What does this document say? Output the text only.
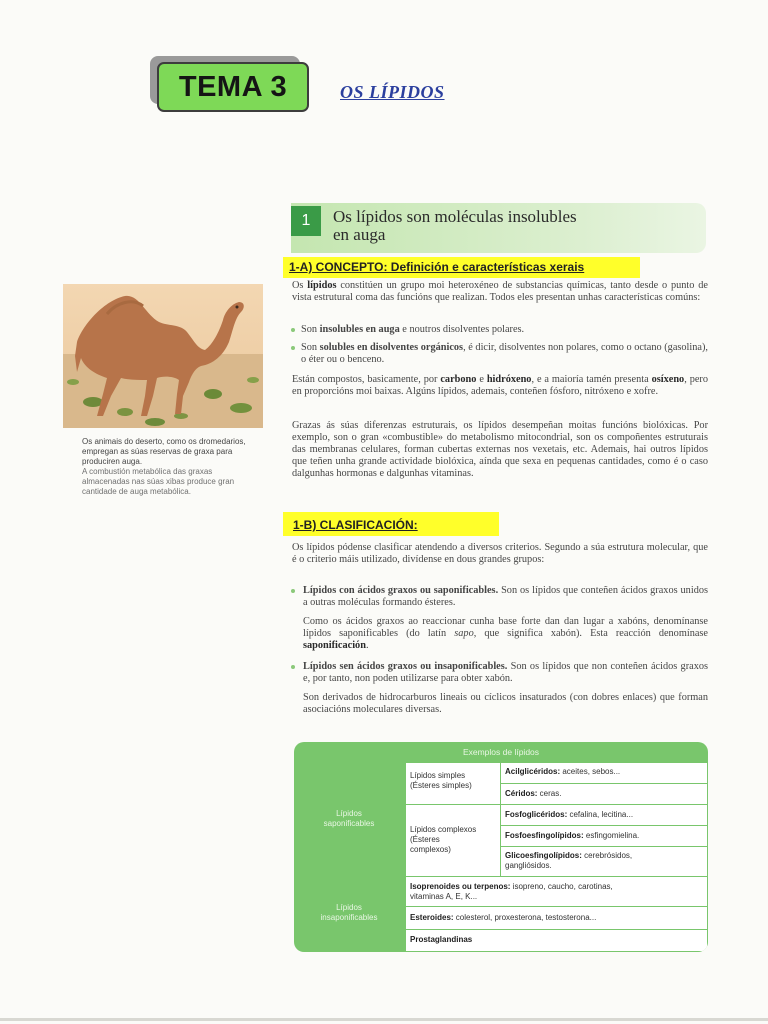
TEMA 3	OS LÍPIDOS
1	Os lípidos son moléculas insolubles
en auga
1-A) CONCEPTO: Definición e características xerais
Os lípidos constitúen un grupo moi heteroxéneo de substancias químicas, tanto desde o punto de vista estrutural coma das funcións que realizan. Todos eles presentan unhas características comúns:
Son insolubles en auga e noutros disolventes polares.
Son solubles en disolventes orgánicos, é dicir, disolventes non polares, como o octano (gasolina), o éter ou o benceno.
Están compostos, basicamente, por carbono e hidróxeno, e a maioría tamén presenta osíxeno, pero en proporcións moi baixas. Algúns lípidos, ademais, conteñen fósforo, nitróxeno e xofre.
Grazas ás súas diferenzas estruturais, os lípidos desempeñan moitas funcións biolóxicas. Por exemplo, son o gran «combustible» do metabolismo mitocondrial, son os compoñentes estruturais das membranas celulares, forman cubertas externas nos vexetais, etc. Ademais, hai outros lípidos que teñen unha grande actividade biolóxica, aínda que sexa en pequenas cantidades, como é o caso dalgunhas hormonas e dalgunhas vitaminas.
Os animais do deserto, como os dromedarios, empregan as súas reservas de graxa para produciren auga.
A combustión metabólica das graxas almacenadas nas súas xibas produce gran cantidade de auga metabólica.
1-B) CLASIFICACIÓN:
Os lípidos pódense clasificar atendendo a diversos criterios. Segundo a súa estrutura molecular, que é o criterio máis utilizado, divídense en dous grandes grupos:
Lípidos con ácidos graxos ou saponificables. Son os lípidos que conteñen ácidos graxos unidos a outras moléculas formando ésteres.
Como os ácidos graxos ao reaccionar cunha base forte dan dan lugar a xabóns, denomínanse lípidos saponificables (do latín sapo, que significa xabón). Esta reacción denomínase saponificación.
Lípidos sen ácidos graxos ou insaponificables. Son os lípidos que non conteñen ácidos graxos e, por tanto, non poden utilizarse para obter xabón.
Son derivados de hidrocarburos lineais ou cíclicos insaturados (con dobres enlaces) que forman asociacións moleculares diversas.
Exemplos de lípidos
Lípidos
saponificables
Lípidos
insaponificables
Lípidos simples
(Ésteres simples)
Acilglicéridos: aceites, sebos...
Céridos: ceras.
Lípidos complexos
(Ésteres
complexos)
Fosfoglicéridos: cefalina, lecitina...
Fosfoesfingolípidos: esfingomielina.
Glicoesfingolípidos: cerebrósidos,
gangliósidos.
Isoprenoides ou terpenos: isopreno, caucho, carotinas,
vitaminas A, E, K...
Esteroides: colesterol, proxesterona, testosterona...
Prostaglandinas
